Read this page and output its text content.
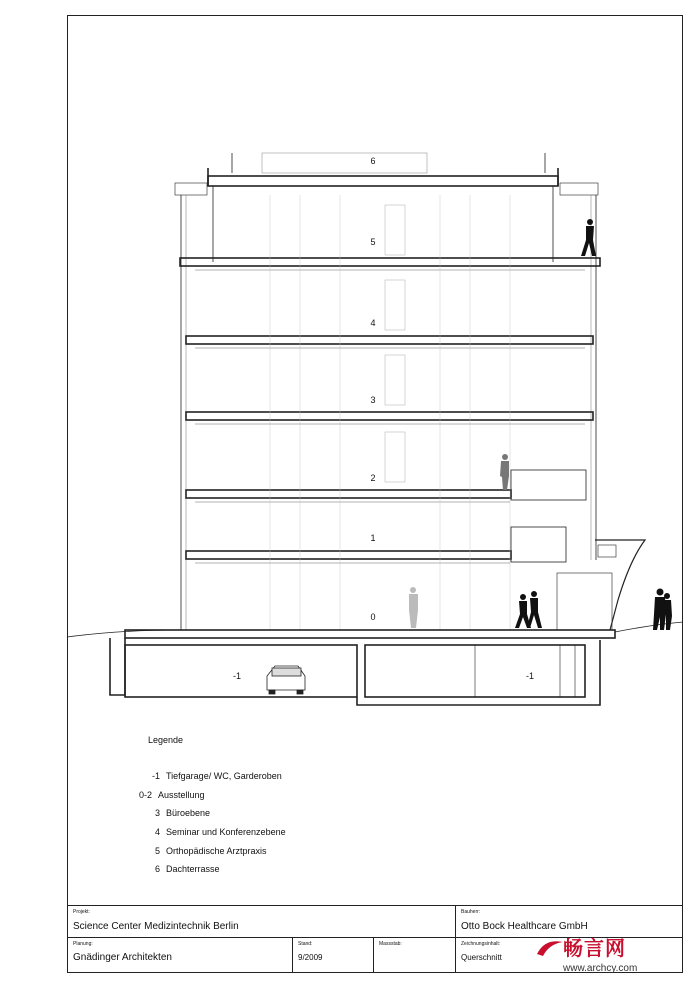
6
5
4
3
2
1
0
-1	-1
Legende
-1 Tiefgarage/ WC, Garderoben
0-2 Ausstellung
3 Büroebene
4 Seminar und Konferenzebene
5 Orthopädische Arztpraxis
6 Dachterrasse
Projekt:
Science Center Medizintechnik Berlin
Bauherr:
Otto Bock Healthcare GmbH
Planung:
Gnädinger Architekten
Stand:
9/2009
Massstab:	Zeichnungsinhalt:
Querschnitt	畅言网
www.archcy.com
